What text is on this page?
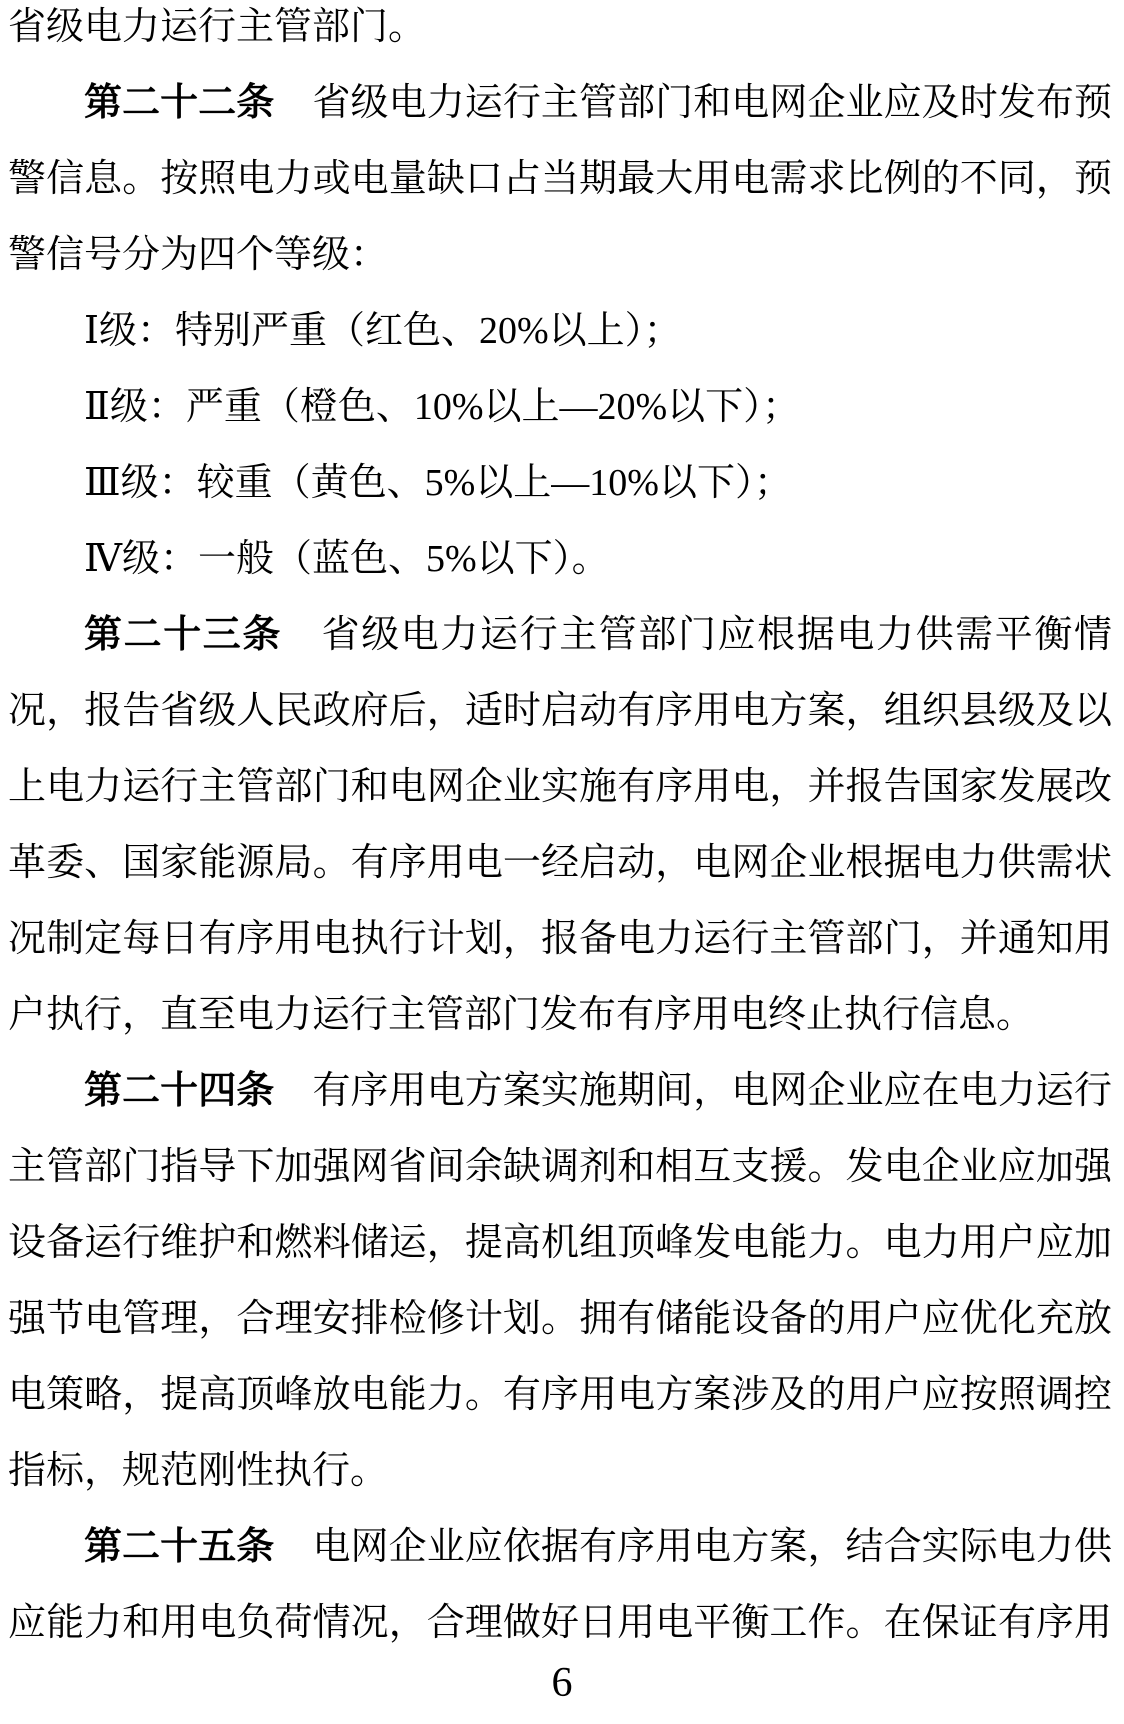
省级电力运行主管部门。
第二十二条　省级电力运行主管部门和电网企业应及时发布预
警信息。按照电力或电量缺口占当期最大用电需求比例的不同，预
警信号分为四个等级：
Ⅰ级：特别严重（红色、20%以上）；
Ⅱ级：严重（橙色、10%以上—20%以下）；
Ⅲ级：较重（黄色、5%以上—10%以下）；
Ⅳ级：一般（蓝色、5%以下）。
第二十三条　省级电力运行主管部门应根据电力供需平衡情
况，报告省级人民政府后，适时启动有序用电方案，组织县级及以
上电力运行主管部门和电网企业实施有序用电，并报告国家发展改
革委、国家能源局。有序用电一经启动，电网企业根据电力供需状
况制定每日有序用电执行计划，报备电力运行主管部门，并通知用
户执行，直至电力运行主管部门发布有序用电终止执行信息。
第二十四条　有序用电方案实施期间，电网企业应在电力运行
主管部门指导下加强网省间余缺调剂和相互支援。发电企业应加强
设备运行维护和燃料储运，提高机组顶峰发电能力。电力用户应加
强节电管理，合理安排检修计划。拥有储能设备的用户应优化充放
电策略，提高顶峰放电能力。有序用电方案涉及的用户应按照调控
指标，规范刚性执行。
第二十五条　电网企业应依据有序用电方案，结合实际电力供
应能力和用电负荷情况，合理做好日用电平衡工作。在保证有序用
6
